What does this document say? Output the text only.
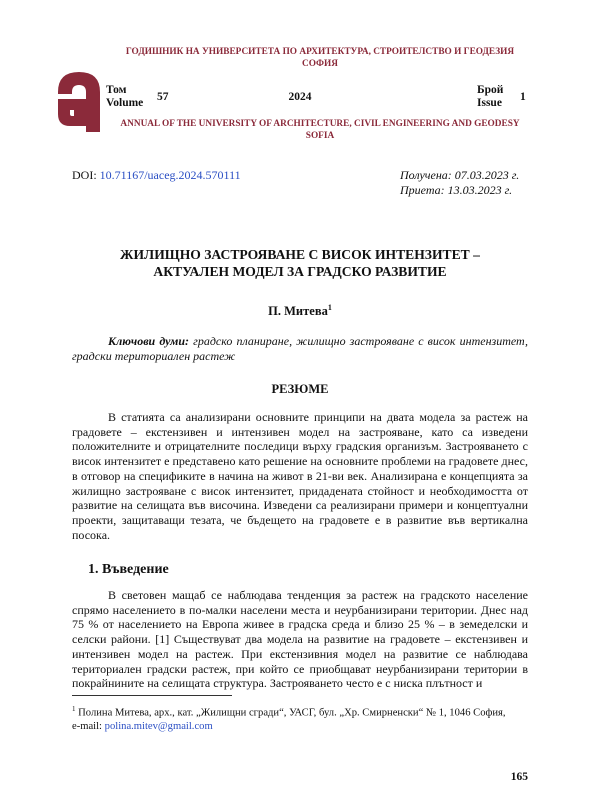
ГОДИШНИК НА УНИВЕРСИТЕТА ПО АРХИТЕКТУРА, СТРОИТЕЛСТВО И ГЕОДЕЗИЯ
СОФИЯ
Том
Volume 57	2024
Брой
Issue 1
ANNUAL OF THE UNIVERSITY OF ARCHITECTURE, CIVIL ENGINEERING AND GEODESY
SOFIA
DOI: 10.71167/uaceg.2024.570111	Получена: 07.03.2023 г.
Приета: 13.03.2023 г.
ЖИЛИЩНО ЗАСТРОЯВАНЕ С ВИСОК ИНТЕНЗИТЕТ –
АКТУАЛЕН МОДЕЛ ЗА ГРАДСКО РАЗВИТИЕ
П. Митева$^1$
Ключови думи: градско планиране, жилищно застрояване с висок интензитет, градски териториален растеж
РЕЗЮМЕ

В статията са анализирани основните принципи на двата модела за растеж на градовете – екстензивен и интензивен модел на застрояване, като са изведени положителните и отрицателните последици върху градския организъм. Застрояването с висок интензитет е представено като решение на основните проблеми на градовете днес, в отговор на спецификите в начина на живот в 21-ви век. Анализирана е концепцията за жилищно застрояване с висок интензитет, придадената стойност и необходимостта от развитие на селищата във височина. Изведени са реализирани примери и концептуални проекти, защитаващи тезата, че бъдещето на градовете е в развитие във вертикална посока.

1. Въведение

В световен мащаб се наблюдава тенденция за растеж на градското население спрямо населението в по-малки населени места и неурбанизирани територии. Днес над 75 % от населението на Европа живее в градска среда и близо 25 % – в земеделски и селски райони. [1] Съществуват два модела на развитие на градовете – екстензивен и интензивен модел на растеж. При екстензивния модел на развитие се наблюдава териториален градски растеж, при който се приобщават неурбанизирани територии в покрайнините на селищата структура. Застрояването често е с ниска плътност и

$^1$ Полина Митева, арх., кат. „Жилищни сгради“, УАСГ, бул. „Хр. Смирненски“ № 1, 1046 София,
e-mail: polina.mitev@gmail.com
165
